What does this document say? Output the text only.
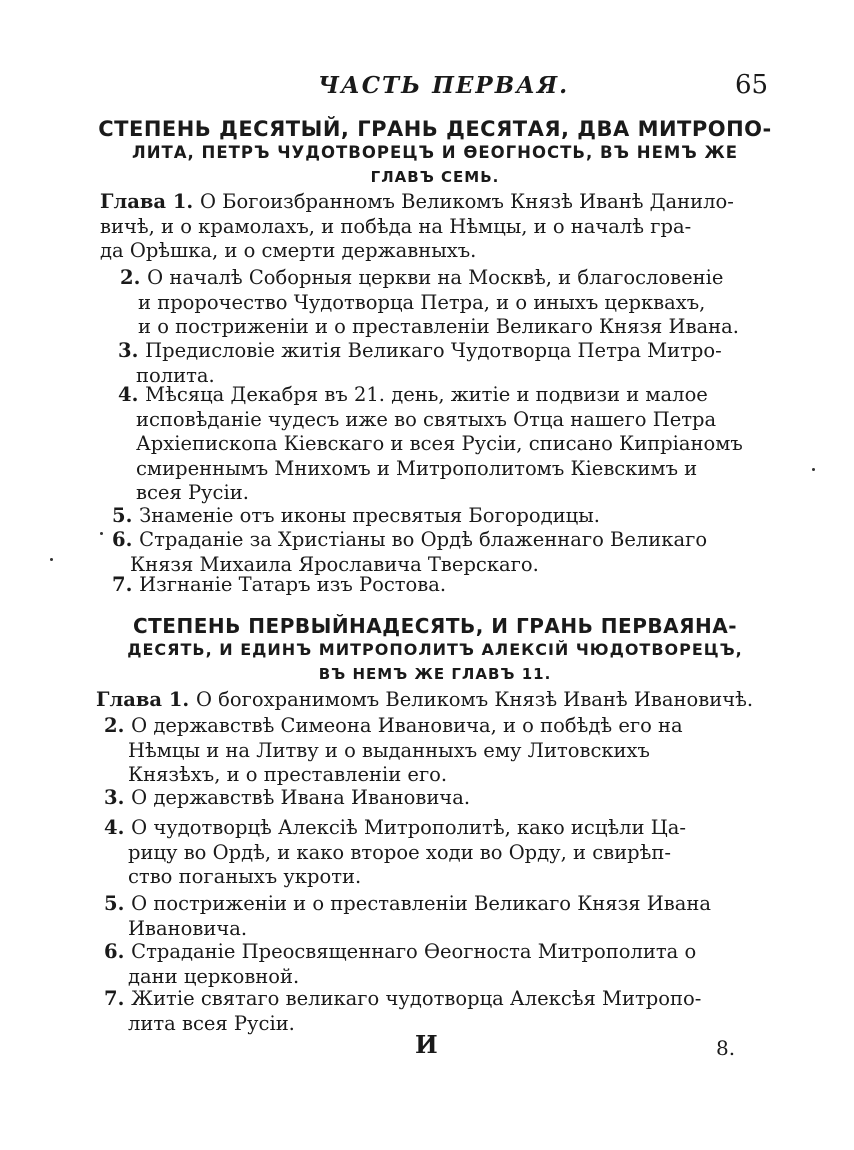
ЧАСТЬ ПЕРВАЯ.	65
СТЕПЕНЬ ДЕСЯТЫЙ, ГРАНЬ ДЕСЯТАЯ, ДВА МИТРОПО-
ЛИТА, ПЕТРЪ ЧУДОТВОРЕЦЪ И ѲЕОГНОСТЬ, ВЪ НЕМЪ ЖЕ
ГЛАВЪ СЕМЬ.
Глава 1. О Богоизбранномъ Великомъ Князѣ Иванѣ Данило-
вичѣ, и о крамолахъ, и побѣда на Нѣмцы, и о началѣ гра-
да Орѣшка, и о смерти державныхъ.
2. О началѣ Соборныя церкви на Москвѣ, и благословеніе
и пророчество Чудотворца Петра, и о иныхъ церквахъ,
и о постриженіи и о преставленіи Великаго Князя Ивана.
3. Предисловіе житія Великаго Чудотворца Петра Митро-
полита.
4. Мѣсяца Декабря въ 21. день, житіе и подвизи и малое
исповѣданіе чудесъ иже во святыхъ Отца нашего Петра
Архіепископа Кіевскаго и всея Русіи, списано Кипріаномъ
смиреннымъ Мнихомъ и Митрополитомъ Кіевскимъ и
всея Русіи.
5. Знаменіе отъ иконы пресвятыя Богородицы.
6. Страданіе за Христіаны во Ордѣ блаженнаго Великаго
Князя Михаила Ярославича Тверскаго.
7. Изгнаніе Татаръ изъ Ростова.
СТЕПЕНЬ ПЕРВЫЙНАДЕСЯТЬ, И ГРАНЬ ПЕРВАЯНА-
ДЕСЯТЬ, И ЕДИНЪ МИТРОПОЛИТЪ АЛЕКСІЙ ЧЮДОТВОРЕЦЪ,
ВЪ НЕМЪ ЖЕ ГЛАВЪ 11.
Глава 1. О богохранимомъ Великомъ Князѣ Иванѣ Ивановичѣ.
2. О державствѣ Симеона Ивановича, и о побѣдѣ его на
Нѣмцы и на Литву и о выданныхъ ему Литовскихъ
Князѣхъ, и о преставленіи его.
3. О державствѣ Ивана Ивановича.
4. О чудотворцѣ Алексіѣ Митрополитѣ, како исцѣли Ца-
рицу во Ордѣ, и како второе ходи во Орду, и свирѣп-
ство поганыхъ укроти.
5. О постриженіи и о преставленіи Великаго Князя Ивана
Ивановича.
6. Страданіе Преосвященнаго Ѳеогноста Митрополита о
дани церковной.
7. Житіе святаго великаго чудотворца Алексѣя Митропо-
лита всея Русіи.
И	8.
